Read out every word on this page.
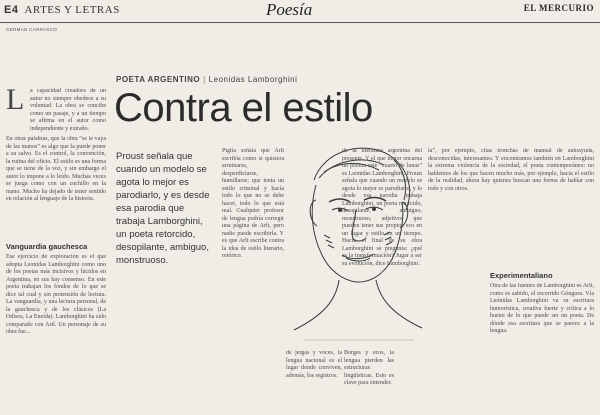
E4 ARTES Y LETRAS	Poesía	EL MERCURIO
GERMAN CARRASCO
L a capacidad creadora de un autor no siempre obedece a su voluntad. La obra se concibe como un pasaje, y a un tiempo se afirma en el autor como independiente y extraño.

En otras palabras, que la obra “se le vaya de las manos” es algo que la puede poner a su salvo. Es el control, la convención, la rutina del oficio. El estilo es una forma que se tiene de la voz, y sin embargo el autor lo impone a lo leído. Muchas veces se juega como con un cuchillo en la mano. Mucho ha dejado de tener sentido en relación al lenguaje de la historia.

Vanguardia gauchesca

Ese ejercicio de exploración es el que adopta Leonidas Lamborghini como uno de los poetas más incisivos y lúcidos en Argentina, en sus hay consenso. En este poeta trabajan los fondos de lo que se dice tal cual y sin pretensión de lectura. La vanguardia, y una lectura personal, de la gauchesca y de los clásicos (La Odisea, La Eneida). Lamborghini ha sido comparado con Artl. Un personaje de su obra fue...

POETA ARGENTINO | Leonidas Lamborghini
Contra el estilo
Proust señala que cuando un modelo se agota lo mejor es parodiarlo, y es desde esa parodia que trabaja Lamborghini, un poeta retorcido, desopilante, ambiguo, monstruoso.

Piglia señala que Arlt escribía como si quisiera arruinarse, desperdiciarse, humillarse; que tenía un estilo criminal y hacía todo lo que no se debe hacer, todo lo que está mal. Cualquier profesor de lengua podría corregir una página de Arlt, pero nadie puede escribirla. Y es que Arlt escribe contra la idea de estilo literario, retórico.

de jergas y voces, la lengua nacional es el lugar donde conviven, además, los registros.

Borges y ecos, la lengua pierden las estructuras lingüísticas. Esto es clave para entender.

de la literatura argentina del presente. Y el que mejor encarna un poema este “cuarto de lunas” es Leonidas Lamborghini. Proust señala que cuando un modelo se agota lo mejor es parodiarlo, y lo desde esa parodia trabaja Lamborghini, un poeta retorcido, desopilante, ambiguo, monstruoso, adjetivos que pueden tener sus propios eco en un lugar y estilo en un tiempo. Hacia el final de su obra Lamborghini se pregunta: ¿qué es la transformación? Jugar a ser su evolución, dice Lamborghini.

la”, por ejemplo, citas tronchas de manual de autoayuda, desconocidas, interesantes. Y encontramos también en Lamborghini la extrema violencia de la sociedad, el poeta contemporáneo: no hablemos de los que hacen mucho más, por ejemplo, hacia el estilo de la realidad, ahora hay quienes buscan una forma de hablar con todo y con otros.

Experimentaliano

Otra de las fuentes de Lamborghini es Arlt, como es sabido, el recorrido Góngora. Vía Leónidas Lamborghini va su escritura humorística, creativa fuerte y crítica a lo bueno de lo que puede ser un poeta. De dónde esa escritura que se parece a la lengua.
